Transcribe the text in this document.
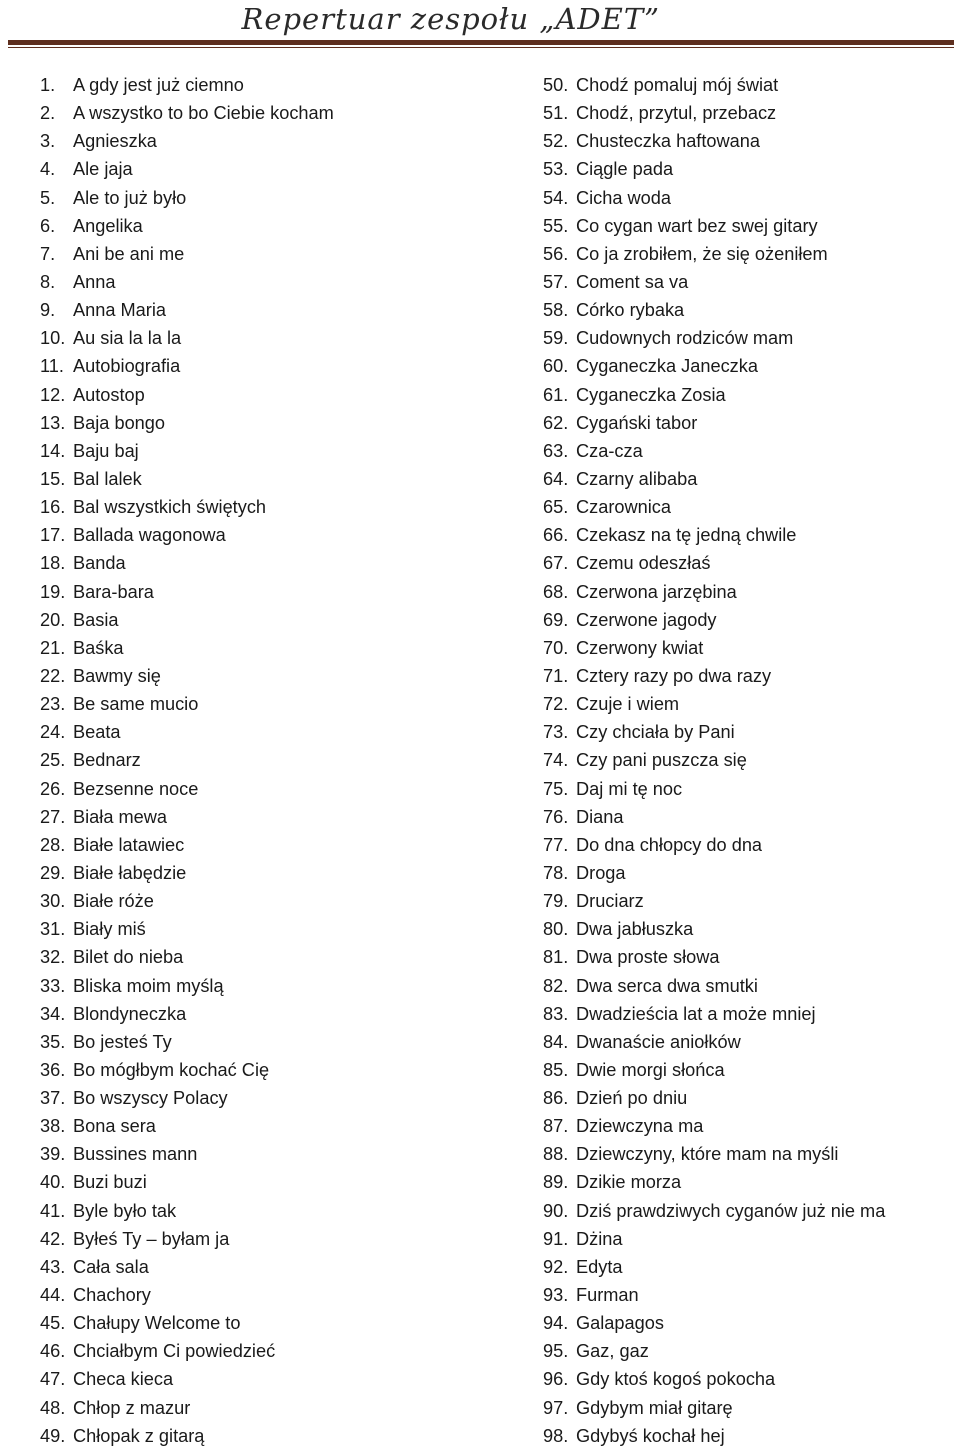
Repertuar zespołu „ADET”
1. A gdy jest już ciemno
2. A wszystko to bo Ciebie kocham
3. Agnieszka
4. Ale jaja
5. Ale to już było
6. Angelika
7. Ani be ani me
8. Anna
9. Anna Maria
10. Au sia la la la
11. Autobiografia
12. Autostop
13. Baja bongo
14. Baju baj
15. Bal lalek
16. Bal wszystkich świętych
17. Ballada wagonowa
18. Banda
19. Bara-bara
20. Basia
21. Baśka
22. Bawmy się
23. Be same mucio
24. Beata
25. Bednarz
26. Bezsenne noce
27. Biała mewa
28. Białe latawiec
29. Białe łabędzie
30. Białe róże
31. Biały miś
32. Bilet do nieba
33. Bliska moim myślą
34. Blondyneczka
35. Bo jesteś Ty
36. Bo mógłbym kochać Cię
37. Bo wszyscy Polacy
38. Bona sera
39. Bussines mann
40. Buzi buzi
41. Byle było tak
42. Byłeś Ty – byłam ja
43. Cała sala
44. Chachory
45. Chałupy Welcome to
46. Chciałbym Ci powiedzieć
47. Checa kieca
48. Chłop z mazur
49. Chłopak z gitarą
50. Chodź pomaluj mój świat
51. Chodź, przytul, przebacz
52. Chusteczka haftowana
53. Ciągle pada
54. Cicha woda
55. Co cygan wart bez swej gitary
56. Co ja zrobiłem, że się ożeniłem
57. Coment sa va
58. Córko rybaka
59. Cudownych rodziców mam
60. Cyganeczka Janeczka
61. Cyganeczka Zosia
62. Cygański tabor
63. Cza-cza
64. Czarny alibaba
65. Czarownica
66. Czekasz na tę jedną chwile
67. Czemu odeszłaś
68. Czerwona jarzębina
69. Czerwone jagody
70. Czerwony kwiat
71. Cztery razy po dwa razy
72. Czuje i wiem
73. Czy chciała by Pani
74. Czy pani puszcza się
75. Daj mi tę noc
76. Diana
77. Do dna chłopcy do dna
78. Droga
79. Druciarz
80. Dwa jabłuszka
81. Dwa proste słowa
82. Dwa serca dwa smutki
83. Dwadzieścia lat a może mniej
84. Dwanaście aniołków
85. Dwie morgi słońca
86. Dzień po dniu
87. Dziewczyna ma
88. Dziewczyny, które mam na myśli
89. Dzikie morza
90. Dziś prawdziwych cyganów już nie ma
91. Dżina
92. Edyta
93. Furman
94. Galapagos
95. Gaz, gaz
96. Gdy ktoś kogoś pokocha
97. Gdybym miał gitarę
98. Gdybyś kochał hej
